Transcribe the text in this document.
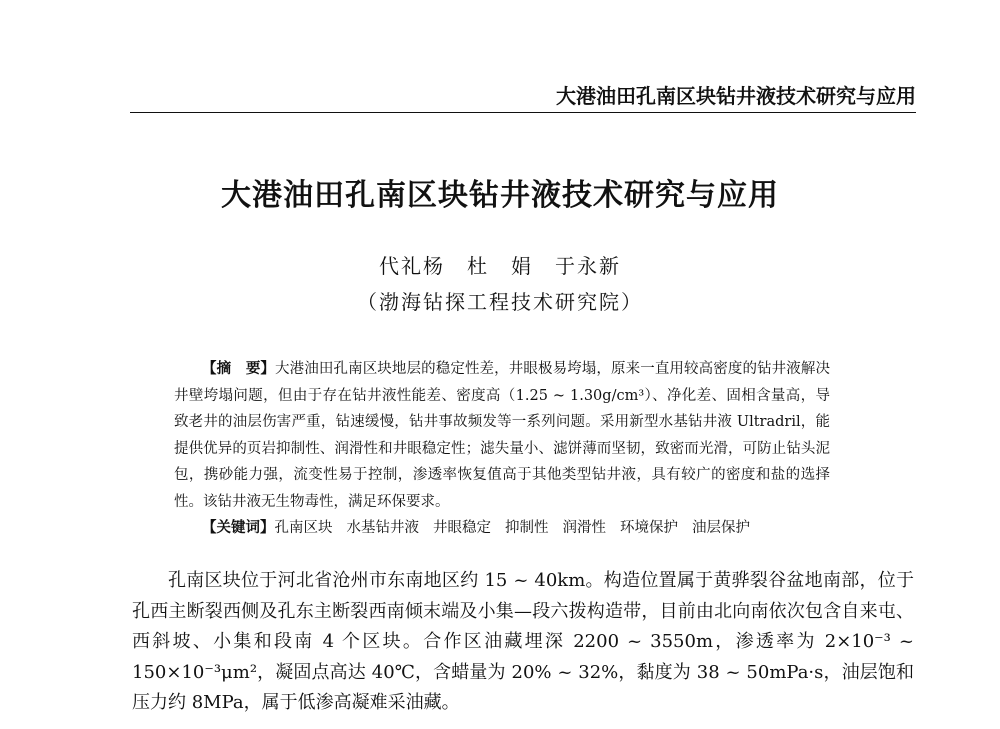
大港油田孔南区块钻井液技术研究与应用
大港油田孔南区块钻井液技术研究与应用
代礼杨　杜　娟　于永新
（渤海钻探工程技术研究院）

【摘　要】大港油田孔南区块地层的稳定性差，井眼极易垮塌，原来一直用较高密度的钻井液解决井壁垮塌问题，但由于存在钻井液性能差、密度高（1.25 ~ 1.30g/cm³）、净化差、固相含量高，导致老井的油层伤害严重，钻速缓慢，钻井事故频发等一系列问题。采用新型水基钻井液 Ultradril，能提供优异的页岩抑制性、润滑性和井眼稳定性；滤失量小、滤饼薄而坚韧，致密而光滑，可防止钻头泥包，携砂能力强，流变性易于控制，渗透率恢复值高于其他类型钻井液，具有较广的密度和盐的选择性。该钻井液无生物毒性，满足环保要求。

【关键词】孔南区块 水基钻井液 井眼稳定 抑制性 润滑性 环境保护 油层保护

孔南区块位于河北省沧州市东南地区约 15 ~ 40km。构造位置属于黄骅裂谷盆地南部，位于孔西主断裂西侧及孔东主断裂西南倾末端及小集—段六拨构造带，目前由北向南依次包含自来屯、西斜坡、小集和段南 4 个区块。合作区油藏埋深 2200 ~ 3550m，渗透率为 2×10⁻³ ~ 150×10⁻³μm²，凝固点高达 40℃，含蜡量为 20% ~ 32%，黏度为 38 ~ 50mPa·s，油层饱和压力约 8MPa，属于低渗高凝难采油藏。
